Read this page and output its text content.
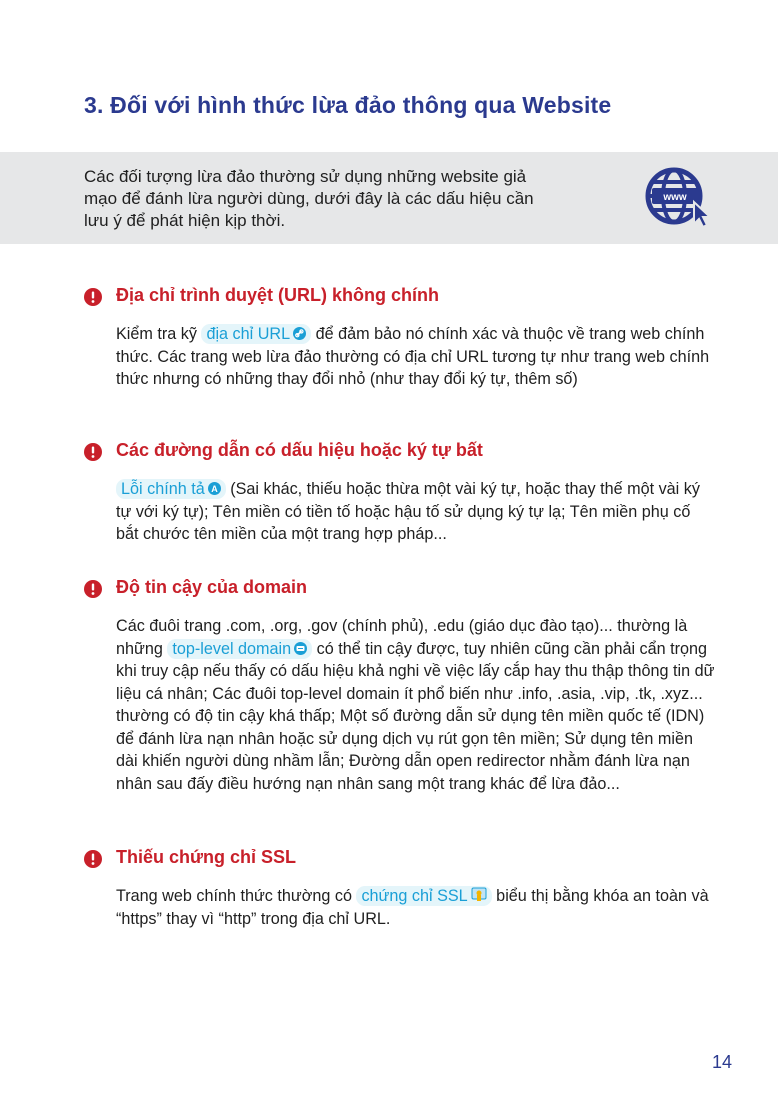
3. Đối với hình thức lừa đảo thông qua Website
Các đối tượng lừa đảo thường sử dụng những website giả
mạo để đánh lừa người dùng, dưới đây là các dấu hiệu cần
lưu ý để phát hiện kịp thời.
www
Địa chỉ trình duyệt (URL) không chính
Kiểm tra kỹ địa chỉ URL để đảm bảo nó chính xác và thuộc về trang web chính thức. Các trang web lừa đảo thường có địa chỉ URL tương tự như trang web chính thức nhưng có những thay đổi nhỏ (như thay đổi ký tự, thêm số)
Các đường dẫn có dấu hiệu hoặc ký tự bất
Lỗi chính tả A (Sai khác, thiếu hoặc thừa một vài ký tự, hoặc thay thế một vài ký tự với ký tự); Tên miền có tiền tố hoặc hậu tố sử dụng ký tự lạ; Tên miền phụ cố bắt chước tên miền của một trang hợp pháp...
Độ tin cậy của domain
Các đuôi trang .com, .org, .gov (chính phủ), .edu (giáo dục đào tạo)... thường là những top-level domain có thể tin cậy được, tuy nhiên cũng cần phải cẩn trọng khi truy cập nếu thấy có dấu hiệu khả nghi về việc lấy cắp hay thu thập thông tin dữ liệu cá nhân; Các đuôi top-level domain ít phổ biến như .info, .asia, .vip, .tk, .xyz... thường có độ tin cậy khá thấp; Một số đường dẫn sử dụng tên miền quốc tế (IDN) để đánh lừa nạn nhân hoặc sử dụng dịch vụ rút gọn tên miền; Sử dụng tên miền dài khiến người dùng nhầm lẫn; Đường dẫn open redirector nhằm đánh lừa nạn nhân sau đấy điều hướng nạn nhân sang một trang khác để lừa đảo...
Thiếu chứng chỉ SSL
Trang web chính thức thường có chứng chỉ SSL biểu thị bằng khóa an toàn và “https” thay vì “http” trong địa chỉ URL.
14
